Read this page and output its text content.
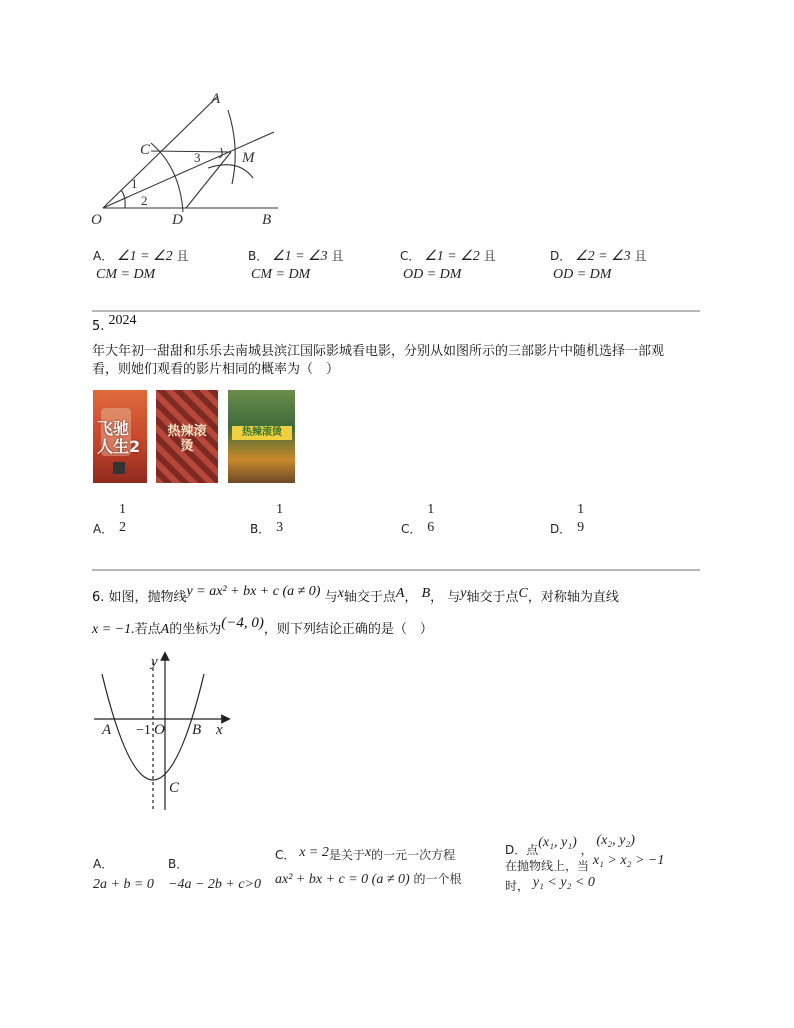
A
B
C
D
M
O
1
2
3
A． ∠1 = ∠2 且
CM = DM
B． ∠1 = ∠3 且
CM = DM
C． ∠1 = ∠2 且
OD = DM
D． ∠2 = ∠3 且
OD = DM
5. 2024
年大年初一甜甜和乐乐去南城县滨江国际影城看电影，分别从如图所示的三部影片中随机选择一部观
看，则她们观看的影片相同的概率为（　）
飞驰人生2
热辣滚烫
热辣滚烫
A．
1
2	B．
1
3	C．
1
6	D．
1
9
6. 如图，抛物线y = ax² + bx + c (a ≠ 0) 与x轴交于点A， B， 与y轴交于点C，对称轴为直线
x = −1.若点A的坐标为(−4, 0)，则下列结论正确的是（　）
y
x
A	B
C
O
−1
A．
2a + b = 0
B．
−4a − 2b + c>0
C． x = 2是关于x的一元一次方程
ax² + bx + c = 0 (a ≠ 0) 的一个根
D．点(x₁, y₁) ， (x₂, y₂)
在抛物线上，当 x₁ > x₂ > −1
时， y₁ < y₂ < 0
